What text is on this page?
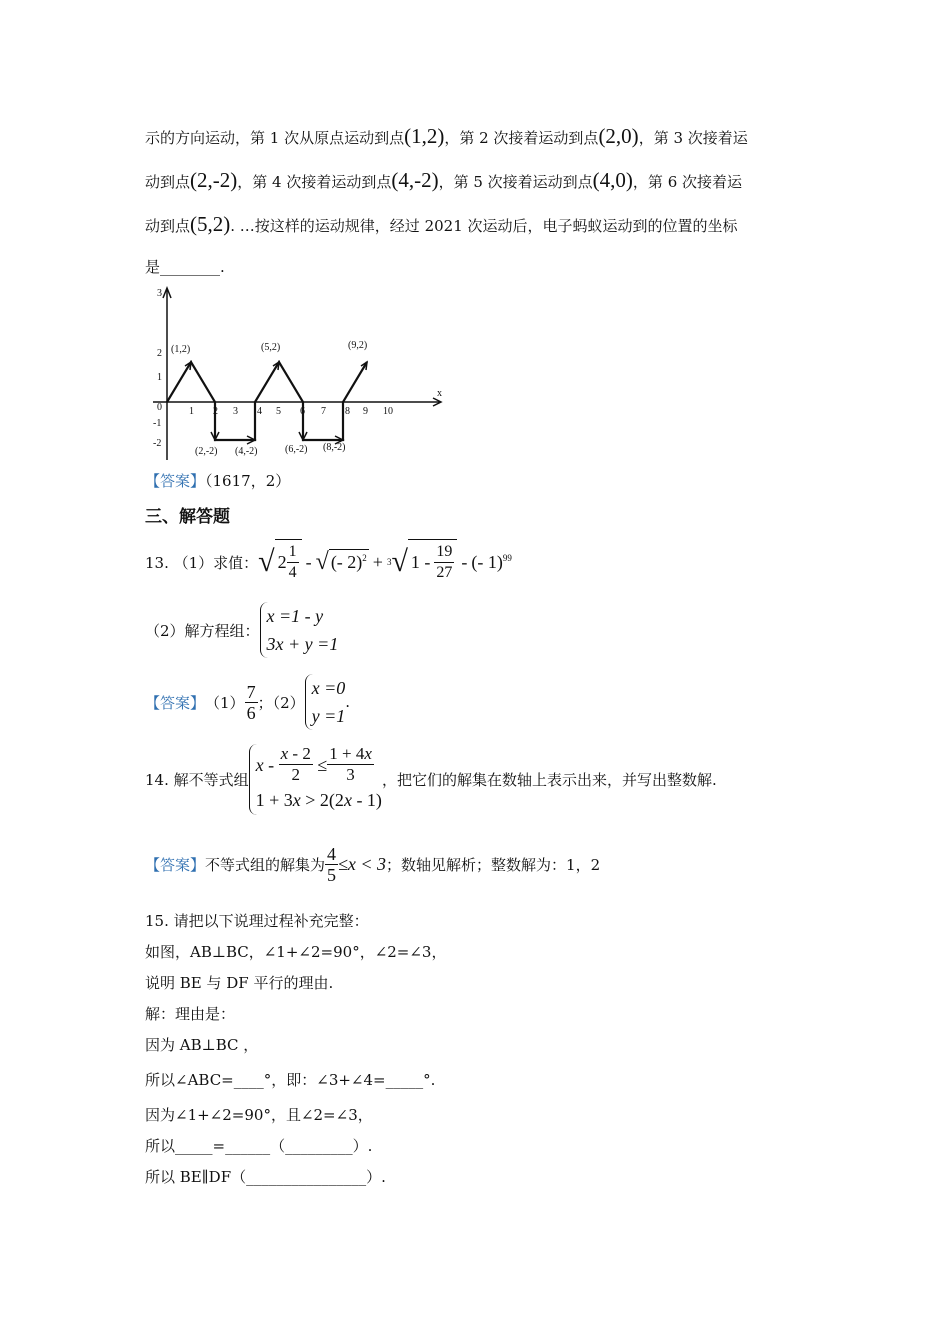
示的方向运动，第 1 次从原点运动到点(1,2)，第 2 次接着运动到点(2,0)，第 3 次接着运
动到点(2,-2)，第 4 次接着运动到点(4,-2)，第 5 次接着运动到点(4,0)，第 6 次接着运
动到点(5,2). …按这样的运动规律，经过 2021 次运动后，电子蚂蚁运动到的位置的坐标
是________.
(1,2)	(5,2)	(9,2)
(2,-2) (4,-2)	(6,-2) (8,-2)
0
x
3
2
1
-1
-2
1 2 3 4 5 6 7 8 9 10
【答案】（1617，2）
三、解答题
13. （1）求值： √ $2 \frac{1}{4}$ - √ (- 2)$^2$ + 3 √ $1 - \frac{19}{27}$ - (- 1)$^{99}$
（2）解方程组：
x =1 - y
3x + y =1
【答案】 $(1) \frac{7}{6}$ ；（2）
x =0
y =1
.
14. 解不等式组
$x - \frac{x - 2}{2} \le \frac{1 + 4x}{3}$
1 + 3x > 2(2x - 1)
，把它们的解集在数轴上表示出来，并写出整数解.
【答案】 不等式组的解集为 $\frac{4}{5} \le x < 3$ ；数轴见解析；整数解为：1，2
15. 请把以下说理过程补充完整：
如图，AB⊥BC，∠1+∠2=90°，∠2=∠3，
说明 BE 与 DF 平行的理由.
解：理由是：
因为 AB⊥BC ，
所以∠ABC=____°，即：∠3+∠4=_____°.
因为∠1+∠2=90°，且∠2=∠3，
所以_____=______（_________）.
所以 BE∥DF（________________）.
